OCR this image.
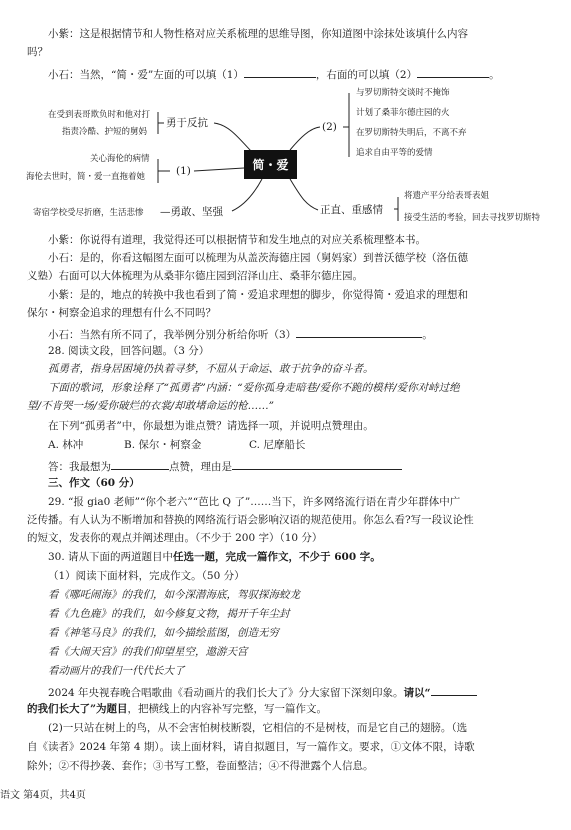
小紫：这是根据情节和人物性格对应关系梳理的思维导图，你知道图中涂抹处该填什么内容
吗？
小石：当然，“简・爱”左面的可以填（1）	，右面的可以填（2）	。
在受到表哥欺负时和他对打
指责冷酷、护短的舅妈
勇于反抗
关心海伦的病情
海伦去世时，简・爱一直拖着她	(1)
寄宿学校受尽折磨，生活悲惨 —勇敢、坚强
简・爱
(2)
与罗切斯特交谈时不掩饰
计划了桑菲尔德庄园的火
在罗切斯特失明后，不离不弃
追求自由平等的爱情
正直、重感情
将遗产平分给表哥表姐
接受生活的考验，回去寻找罗切斯特
小紫：你说得有道理，我觉得还可以根据情节和发生地点的对应关系梳理整本书。
小石：是的，你看这幅图左面可以梳理为从盖茨海德庄园（舅妈家）到普沃德学校（洛伍德
义塾）右面可以大体梳理为从桑菲尔德庄园到沼泽山庄、桑菲尔德庄园。
小紫：是的，地点的转换中我也看到了简・爱追求理想的脚步，你觉得简・爱追求的理想和
保尔・柯察金追求的理想有什么不同吗？
小石：当然有所不同了，我举例分别分析给你听（3）	。
28. 阅读文段，回答问题。（3 分）
孤勇者，指身居困境仍执着寻梦，不屈从于命运、敢于抗争的奋斗者。
下面的歌词，形象诠释了“孤勇者”内涵：“爱你孤身走暗巷/爱你不跪的模样/爱你对峙过绝
望/不肯哭一场/爱你破烂的衣裳/却敢堵命运的枪……”
在下列“孤勇者”中，你最想为谁点赞？请选择一项，并说明点赞理由。
A. 林冲	B. 保尔・柯察金	C. 尼摩船长
答：我最想为	点赞，理由是
三、作文（60 分）
29. “报 gia0 老师”“你个老六”“芭比 Q 了”……当下，许多网络流行语在青少年群体中广
泛传播。有人认为不断增加和替换的网络流行语会影响汉语的规范使用。你怎么看?写一段议论性
的短文，发表你的观点并阐述理由。（不少于 200 字）（10 分）
30. 请从下面的两道题目中任选一题，完成一篇作文，不少于 600 字。
（1）阅读下面材料，完成作文。（50 分）
看《哪吒闹海》的我们，如今深潜海底，驾驭探海蛟龙
看《九色鹿》的我们，如今修复文物，揭开千年尘封
看《神笔马良》的我们，如今描绘蓝图，创造无穷
看《大闹天宫》的我们仰望星空，遨游天宫
看动画片的我们一代代长大了
2024 年央视春晚合唱歌曲《看动画片的我们长大了》分大家留下深刻印象。请以“
的我们长大了”为题目，把横线上的内容补写完整，写一篇作文。
(2)一只站在树上的鸟，从不会害怕树枝断裂，它相信的不是树枝，而是它自己的翅膀。（选
自《读者》2024 年第 4 期）。读上面材料，请自拟题目，写一篇作文。要求，①文体不限，诗歌
除外；②不得抄袭、套作；③书写工整，卷面整洁；④不得泄露个人信息。
语文 第4页，共4页
